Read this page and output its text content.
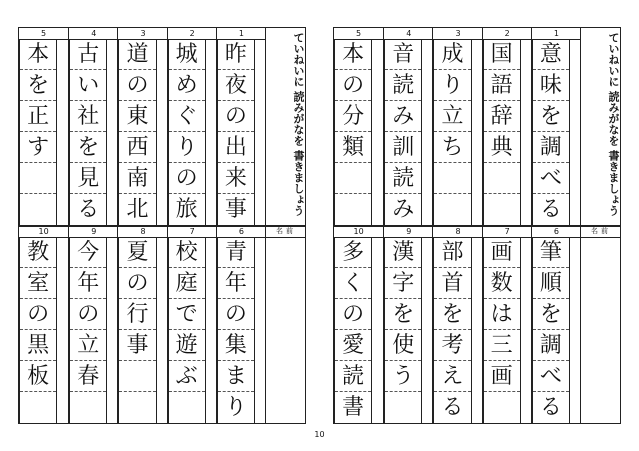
1
昨
夜
の
出
来
事
2
城
め
ぐ
り
の
旅
3
道
の
東
西
南
北
4
古
い
社
を
見
る
5
本
を
正
す	ていねいに 読みがなを 書きましょう
6
青
年
の
集
ま
り
7
校
庭
で
遊
ぶ
8
夏
の
行
事
9
今
年
の
立
春
10
教
室
の
黒
板
名前
1
意
味
を
調
べ
る
2
国
語
辞
典
3
成
り
立
ち
4
音
読
み
訓
読
み
5
本
の
分
類	ていねいに 読みがなを 書きましょう
6
筆
順
を
調
べ
る
7
画
数
は
三
画
8
部
首
を
考
え
る
9
漢
字
を
使
う
10
多
く
の
愛
読
書
名前
10
